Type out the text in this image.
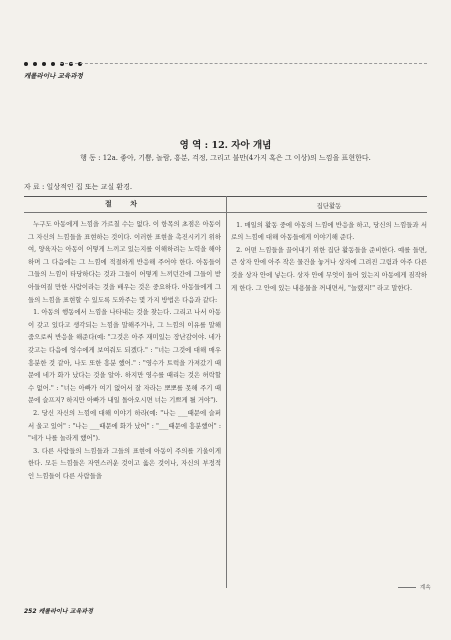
캐롤라이나 교육과정
영 역 : 12. 자아 개념
행 동 : 12a. 좋아, 기쁨, 놀람, 흥분, 걱정, 그리고 불만(4가지 혹은 그 이상)의 느낌을 표현한다.
자 료 : 일상적인 집 또는 교실 환경.
절 차

누구도 아동에게 느낌을 가르칠 수는 없다. 이 항목의 초점은 아동이 그 자신의 느낌들을 표현하는 것이다. 이러한 표현을 촉진시키기 위하여, 양육자는 아동이 어떻게 느끼고 있는지를 이해하려는 노력을 해야하며 그 다음에는 그 느낌에 적절하게 반응해 주어야 한다. 아동들이 그들의 느낌이 타당하다는 것과 그들이 어떻게 느끼던간에 그들이 받아들여질 만한 사람이라는 것을 배우는 것은 중요하다. 아동들에게 그들의 느낌을 표현할 수 있도록 도와주는 몇 가지 방법은 다음과 같다:

1. 아동의 행동에서 느낌을 나타내는 것을 찾는다. 그리고 나서 아동이 갖고 있다고 생각되는 느낌을 말해주거나, 그 느낌의 이유를 말해 줌으로써 반응을 해준다(예: "그것은 아주 재미있는 장난감이야. 네가 갖고는 다음에 엉수에게 보여줘도 되겠다." : "너는 그것에 대해 매우 흥분한 것 같아, 나도 또한 흥분 했어." : "영수가 트럭을 가져갔기 때문에 네가 화가 났다는 것을 알아. 하지만 영수를 때리는 것은 허락할 수 없어." : "너는 아빠가 여기 없어서 잘 자라는 뽀뽀를 못해 주기 때문에 슬프지? 하지만 아빠가 내일 돌아오시면 너는 기쁘게 될 거야").

2. 당신 자신의 느낌에 대해 이야기 하라(예: "나는 ___때문에 슬퍼서 울고 있어" : "나는 ___때문에 화가 났어" : "___때문에 흥분했어" : "네가 나를 놀라게 했어").

3. 다른 사람들의 느낌들과 그들의 표현에 아동이 주의를 기울이게 한다. 모든 느낌들은 자연스러운 것이고 옳은 것이나, 자신의 부정적인 느낌들이 다른 사람들을

집단활동

1. 매일의 활동 중에 아동의 느낌에 반응을 하고, 당신의 느낌들과 서로의 느낌에 대해 아동들에게 이야기해 준다.

2. 어떤 느낌들을 끌어내기 위한 집단 활동들을 준비한다. 예를 들면, 큰 상자 안에 아주 작은 물건을 놓거나 상자에 그려진 그림과 아주 다른 것을 상자 안에 넣는다. 상자 안에 무엇이 들어 있는지 아동에게 짐작하게 한다. 그 안에 있는 내용물을 꺼내면서, "놀랬지!" 라고 말한다.

계속
252 캐롤라이나 교육과정
